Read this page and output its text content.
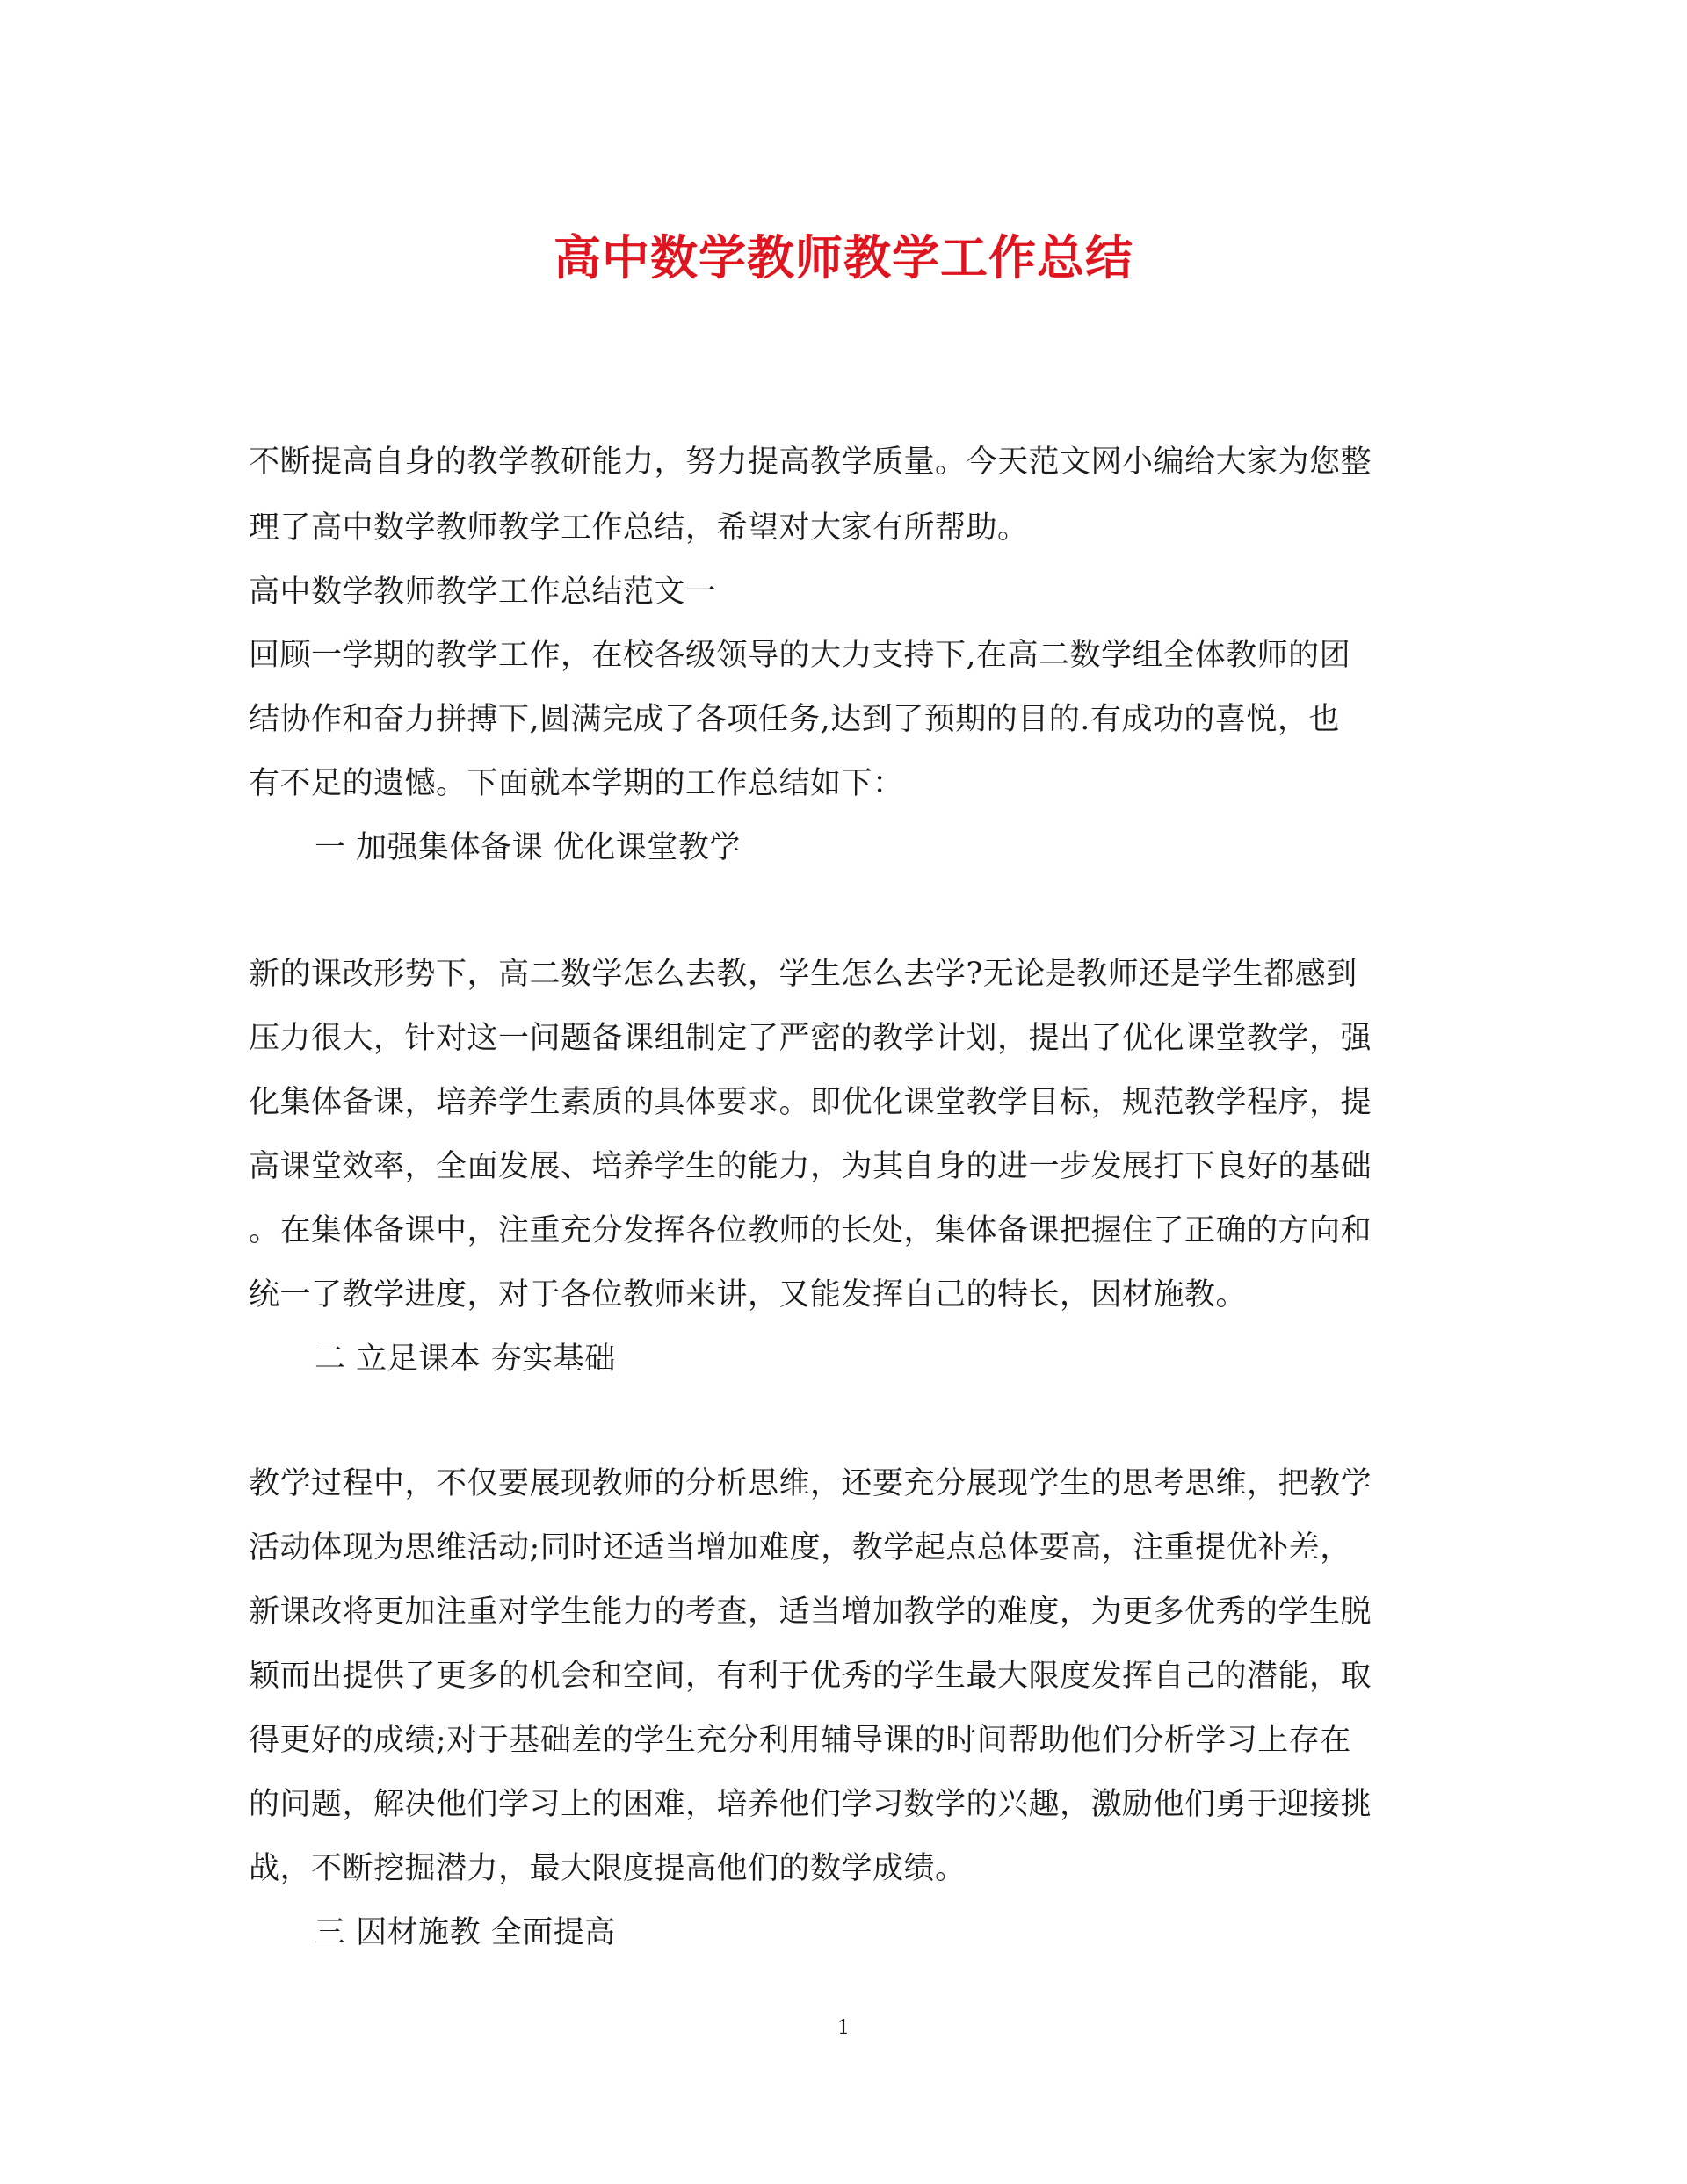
高中数学教师教学工作总结
不断提高自身的教学教研能力，努力提高教学质量。今天范文网小编给大家为您整
理了高中数学教师教学工作总结，希望对大家有所帮助。
高中数学教师教学工作总结范文一
回顾一学期的教学工作，在校各级领导的大力支持下,在高二数学组全体教师的团
结协作和奋力拼搏下,圆满完成了各项任务,达到了预期的目的.有成功的喜悦，也
有不足的遗憾。下面就本学期的工作总结如下：
一 加强集体备课 优化课堂教学
新的课改形势下，高二数学怎么去教，学生怎么去学?无论是教师还是学生都感到
压力很大，针对这一问题备课组制定了严密的教学计划，提出了优化课堂教学，强
化集体备课，培养学生素质的具体要求。即优化课堂教学目标，规范教学程序，提
高课堂效率，全面发展、培养学生的能力，为其自身的进一步发展打下良好的基础
。在集体备课中，注重充分发挥各位教师的长处，集体备课把握住了正确的方向和
统一了教学进度，对于各位教师来讲，又能发挥自己的特长，因材施教。
二 立足课本 夯实基础
教学过程中，不仅要展现教师的分析思维，还要充分展现学生的思考思维，把教学
活动体现为思维活动;同时还适当增加难度，教学起点总体要高，注重提优补差，
新课改将更加注重对学生能力的考查，适当增加教学的难度，为更多优秀的学生脱
颖而出提供了更多的机会和空间，有利于优秀的学生最大限度发挥自己的潜能，取
得更好的成绩;对于基础差的学生充分利用辅导课的时间帮助他们分析学习上存在
的问题，解决他们学习上的困难，培养他们学习数学的兴趣，激励他们勇于迎接挑
战，不断挖掘潜力，最大限度提高他们的数学成绩。
三 因材施教 全面提高
1
